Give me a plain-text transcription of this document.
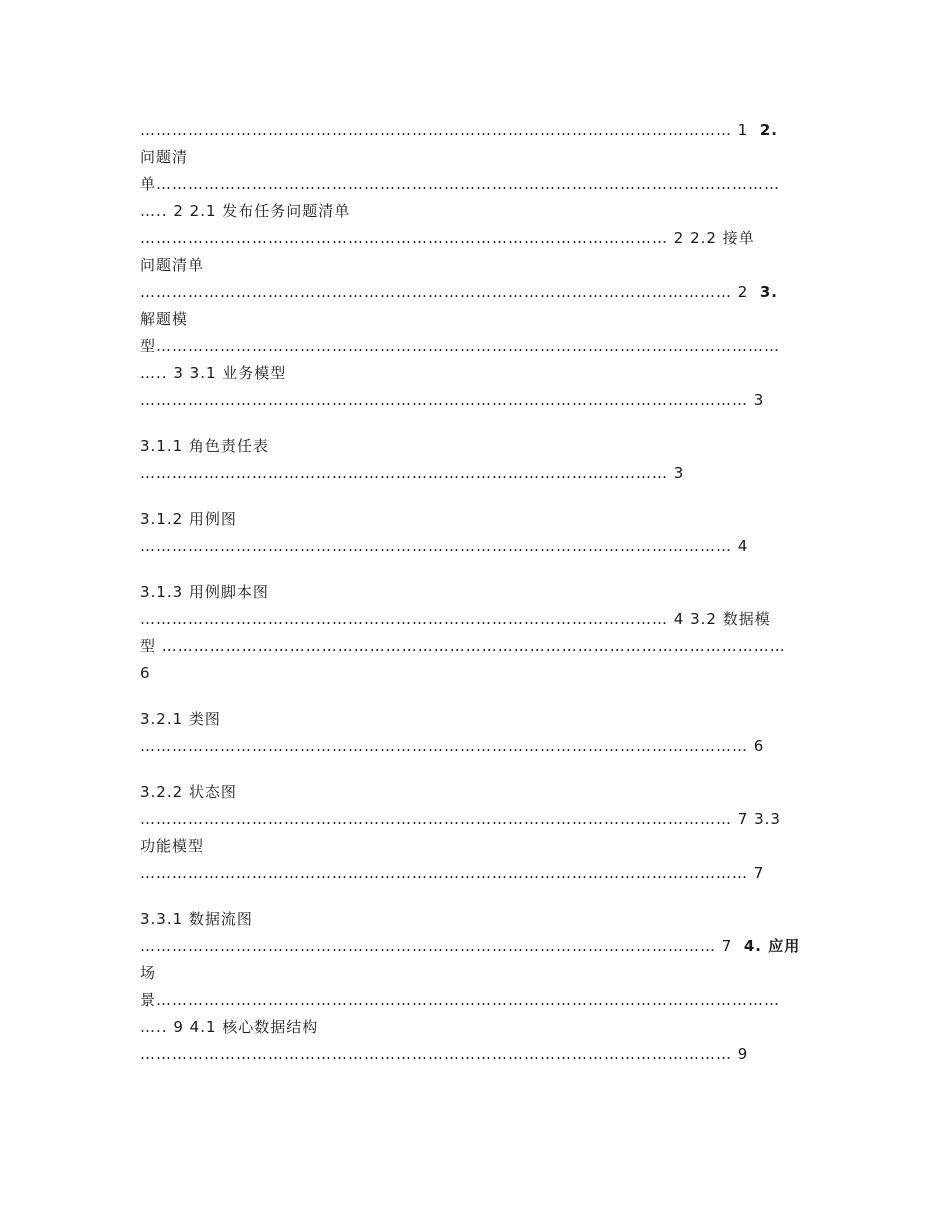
………………………………………………………………………………………………… 1 2.
问题清
单………………………………………………………………………………………………………
….. 2 2.1 发布任务问题清单
……………………………………………………………………………………… 2 2.2 接单
问题清单
………………………………………………………………………………………………… 2 3.
解题模
型………………………………………………………………………………………………………
….. 3 3.1 业务模型
…………………………………………………………………………………………………… 3
3.1.1 角色责任表
……………………………………………………………………………………… 3
3.1.2 用例图
………………………………………………………………………………………………… 4
3.1.3 用例脚本图
……………………………………………………………………………………… 4 3.2 数据模
型 ………………………………………………………………………………………………………
6
3.2.1 类图
…………………………………………………………………………………………………… 6
3.2.2 状态图
………………………………………………………………………………………………… 7 3.3
功能模型
…………………………………………………………………………………………………… 7
3.3.1 数据流图
……………………………………………………………………………………………… 7 4. 应用
场
景………………………………………………………………………………………………………
….. 9 4.1 核心数据结构
………………………………………………………………………………………………… 9
